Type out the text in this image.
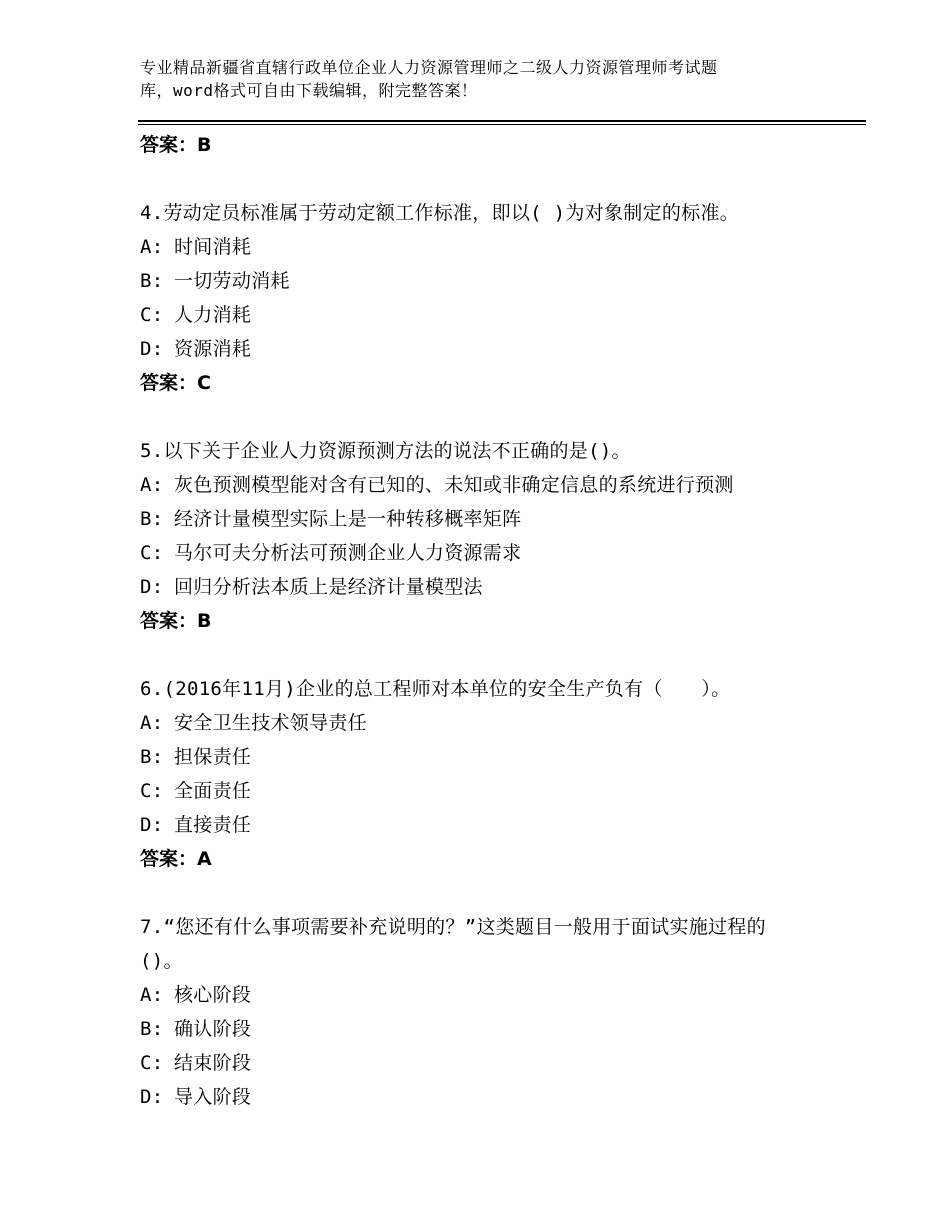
专业精品新疆省直辖行政单位企业人力资源管理师之二级人力资源管理师考试题
库，word格式可自由下载编辑，附完整答案！
答案：B
4.劳动定员标准属于劳动定额工作标准，即以( )为对象制定的标准。
A: 时间消耗
B: 一切劳动消耗
C: 人力消耗
D: 资源消耗
答案：C
5.以下关于企业人力资源预测方法的说法不正确的是()。
A: 灰色预测模型能对含有已知的、未知或非确定信息的系统进行预测
B: 经济计量模型实际上是一种转移概率矩阵
C: 马尔可夫分析法可预测企业人力资源需求
D: 回归分析法本质上是经济计量模型法
答案：B
6.(2016年11月)企业的总工程师对本单位的安全生产负有（　　）。
A: 安全卫生技术领导责任
B: 担保责任
C: 全面责任
D: 直接责任
答案：A
7.“您还有什么事项需要补充说明的？”这类题目一般用于面试实施过程的()。
A: 核心阶段
B: 确认阶段
C: 结束阶段
D: 导入阶段
